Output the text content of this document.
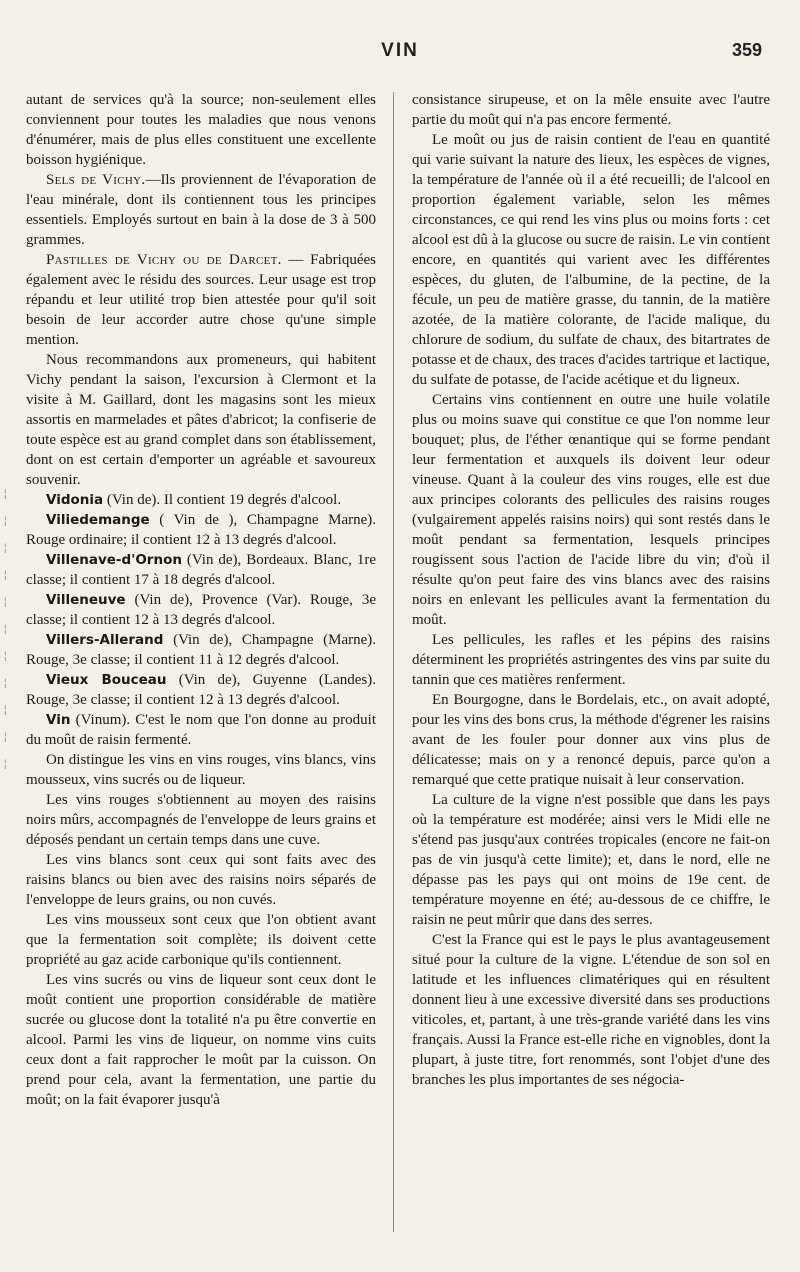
VIN	359
¦
¦
¦
¦
¦
¦
¦
¦
¦
¦
¦

autant de services qu'à la source; non-seulement elles conviennent pour toutes les maladies que nous venons d'énumérer, mais de plus elles constituent une excellente boisson hygiénique.

Sels de Vichy.—Ils proviennent de l'évaporation de l'eau minérale, dont ils contiennent tous les principes essentiels. Employés surtout en bain à la dose de 3 à 500 grammes.

Pastilles de Vichy ou de Darcet. — Fabriquées également avec le résidu des sources. Leur usage est trop répandu et leur utilité trop bien attestée pour qu'il soit besoin de leur accorder autre chose qu'une simple mention.

Nous recommandons aux promeneurs, qui habitent Vichy pendant la saison, l'excursion à Clermont et la visite à M. Gaillard, dont les magasins sont les mieux assortis en marmelades et pâtes d'abricot; la confiserie de toute espèce est au grand complet dans son établissement, dont on est certain d'emporter un agréable et savoureux souvenir.

Vidonia (Vin de). Il contient 19 degrés d'alcool.

Viliedemange ( Vin de ), Champagne Marne). Rouge ordinaire; il contient 12 à 13 degrés d'alcool.

Villenave-d'Ornon (Vin de), Bordeaux. Blanc, 1re classe; il contient 17 à 18 degrés d'alcool.

Villeneuve (Vin de), Provence (Var). Rouge, 3e classe; il contient 12 à 13 degrés d'alcool.

Villers-Allerand (Vin de), Champagne (Marne). Rouge, 3e classe; il contient 11 à 12 degrés d'alcool.

Vieux Bouceau (Vin de), Guyenne (Landes). Rouge, 3e classe; il contient 12 à 13 degrés d'alcool.

Vin (Vinum). C'est le nom que l'on donne au produit du moût de raisin fermenté.

On distingue les vins en vins rouges, vins blancs, vins mousseux, vins sucrés ou de liqueur.

Les vins rouges s'obtiennent au moyen des raisins noirs mûrs, accompagnés de l'enveloppe de leurs grains et déposés pendant un certain temps dans une cuve.

Les vins blancs sont ceux qui sont faits avec des raisins blancs ou bien avec des raisins noirs séparés de l'enveloppe de leurs grains, ou non cuvés.

Les vins mousseux sont ceux que l'on obtient avant que la fermentation soit complète; ils doivent cette propriété au gaz acide carbonique qu'ils contiennent.

Les vins sucrés ou vins de liqueur sont ceux dont le moût contient une proportion considérable de matière sucrée ou glucose dont la totalité n'a pu être convertie en alcool. Parmi les vins de liqueur, on nomme vins cuits ceux dont a fait rapprocher le moût par la cuisson. On prend pour cela, avant la fermentation, une partie du moût; on la fait évaporer jusqu'à

consistance sirupeuse, et on la mêle ensuite avec l'autre partie du moût qui n'a pas encore fermenté.

Le moût ou jus de raisin contient de l'eau en quantité qui varie suivant la nature des lieux, les espèces de vignes, la température de l'année où il a été recueilli; de l'alcool en proportion également variable, selon les mêmes circonstances, ce qui rend les vins plus ou moins forts : cet alcool est dû à la glucose ou sucre de raisin. Le vin contient encore, en quantités qui varient avec les différentes espèces, du gluten, de l'albumine, de la pectine, de la fécule, un peu de matière grasse, du tannin, de la matière azotée, de la matière colorante, de l'acide malique, du chlorure de sodium, du sulfate de chaux, des bitartrates de potasse et de chaux, des traces d'acides tartrique et lactique, du sulfate de potasse, de l'acide acétique et du ligneux.

Certains vins contiennent en outre une huile volatile plus ou moins suave qui constitue ce que l'on nomme leur bouquet; plus, de l'éther œnantique qui se forme pendant leur fermentation et auxquels ils doivent leur odeur vineuse. Quant à la couleur des vins rouges, elle est due aux principes colorants des pellicules des raisins rouges (vulgairement appelés raisins noirs) qui sont restés dans le moût pendant sa fermentation, lesquels principes rougissent sous l'action de l'acide libre du vin; d'où il résulte qu'on peut faire des vins blancs avec des raisins noirs en enlevant les pellicules avant la fermentation du moût.

Les pellicules, les rafles et les pépins des raisins déterminent les propriétés astringentes des vins par suite du tannin que ces matières renferment.

En Bourgogne, dans le Bordelais, etc., on avait adopté, pour les vins des bons crus, la méthode d'égrener les raisins avant de les fouler pour donner aux vins plus de délicatesse; mais on y a renoncé depuis, parce qu'on a remarqué que cette pratique nuisait à leur conservation.

La culture de la vigne n'est possible que dans les pays où la température est modérée; ainsi vers le Midi elle ne s'étend pas jusqu'aux contrées tropicales (encore ne fait-on pas de vin jusqu'à cette limite); et, dans le nord, elle ne dépasse pas les pays qui ont moins de 19e cent. de température moyenne en été; au-dessous de ce chiffre, le raisin ne peut mûrir que dans des serres.

C'est la France qui est le pays le plus avantageusement situé pour la culture de la vigne. L'étendue de son sol en latitude et les influences climatériques qui en résultent donnent lieu à une excessive diversité dans ses productions viticoles, et, partant, à une très-grande variété dans les vins français. Aussi la France est-elle riche en vignobles, dont la plupart, à juste titre, fort renommés, sont l'objet d'une des branches les plus importantes de ses négocia-
